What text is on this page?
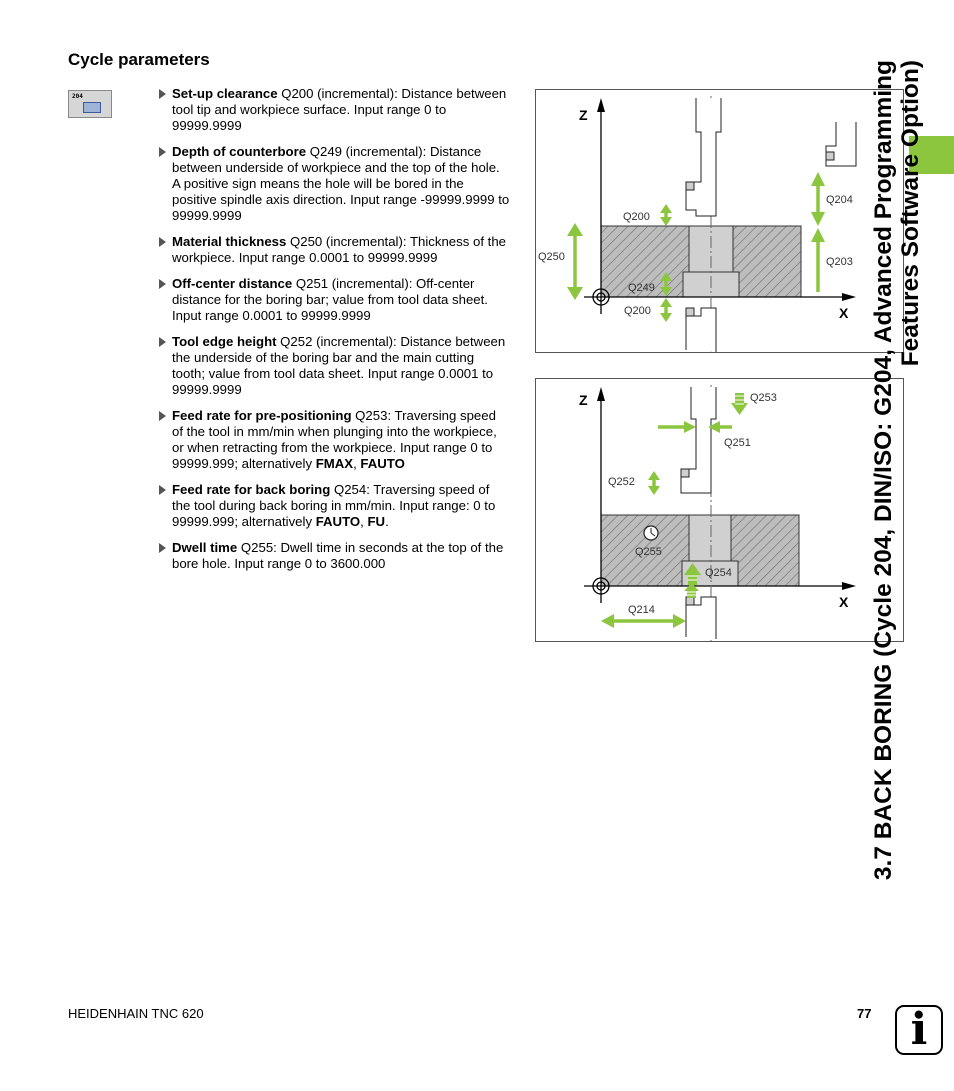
Cycle parameters
204	Set-up clearance Q200 (incremental): Distance between tool tip and workpiece surface. Input range 0 to 99999.9999
Depth of counterbore Q249 (incremental): Distance between underside of workpiece and the top of the hole. A positive sign means the hole will be bored in the positive spindle axis direction. Input range -99999.9999 to 99999.9999
Material thickness Q250 (incremental): Thickness of the workpiece. Input range 0.0001 to 99999.9999
Off-center distance Q251 (incremental): Off-center distance for the boring bar; value from tool data sheet. Input range 0.0001 to 99999.9999
Tool edge height Q252 (incremental): Distance between the underside of the boring bar and the main cutting tooth; value from tool data sheet. Input range 0.0001 to 99999.9999
Feed rate for pre-positioning Q253: Traversing speed of the tool in mm/min when plunging into the workpiece, or when retracting from the workpiece. Input range 0 to 99999.999; alternatively FMAX, FAUTO
Feed rate for back boring Q254: Traversing speed of the tool during back boring in mm/min. Input range: 0 to 99999.999; alternatively FAUTO, FU.
Dwell time Q255: Dwell time in seconds at the top of the bore hole. Input range 0 to 3600.000
Z
X
Q200
Q250
Q249
Q200
Q204
Q203
Z
X
Q253
Q251
Q252
Q255
Q254
Q214	3.7 BACK BORING (Cycle 204, DIN/ISO: G204, Advanced Programming Features Software Option)
HEIDENHAIN TNC 620	77 i
